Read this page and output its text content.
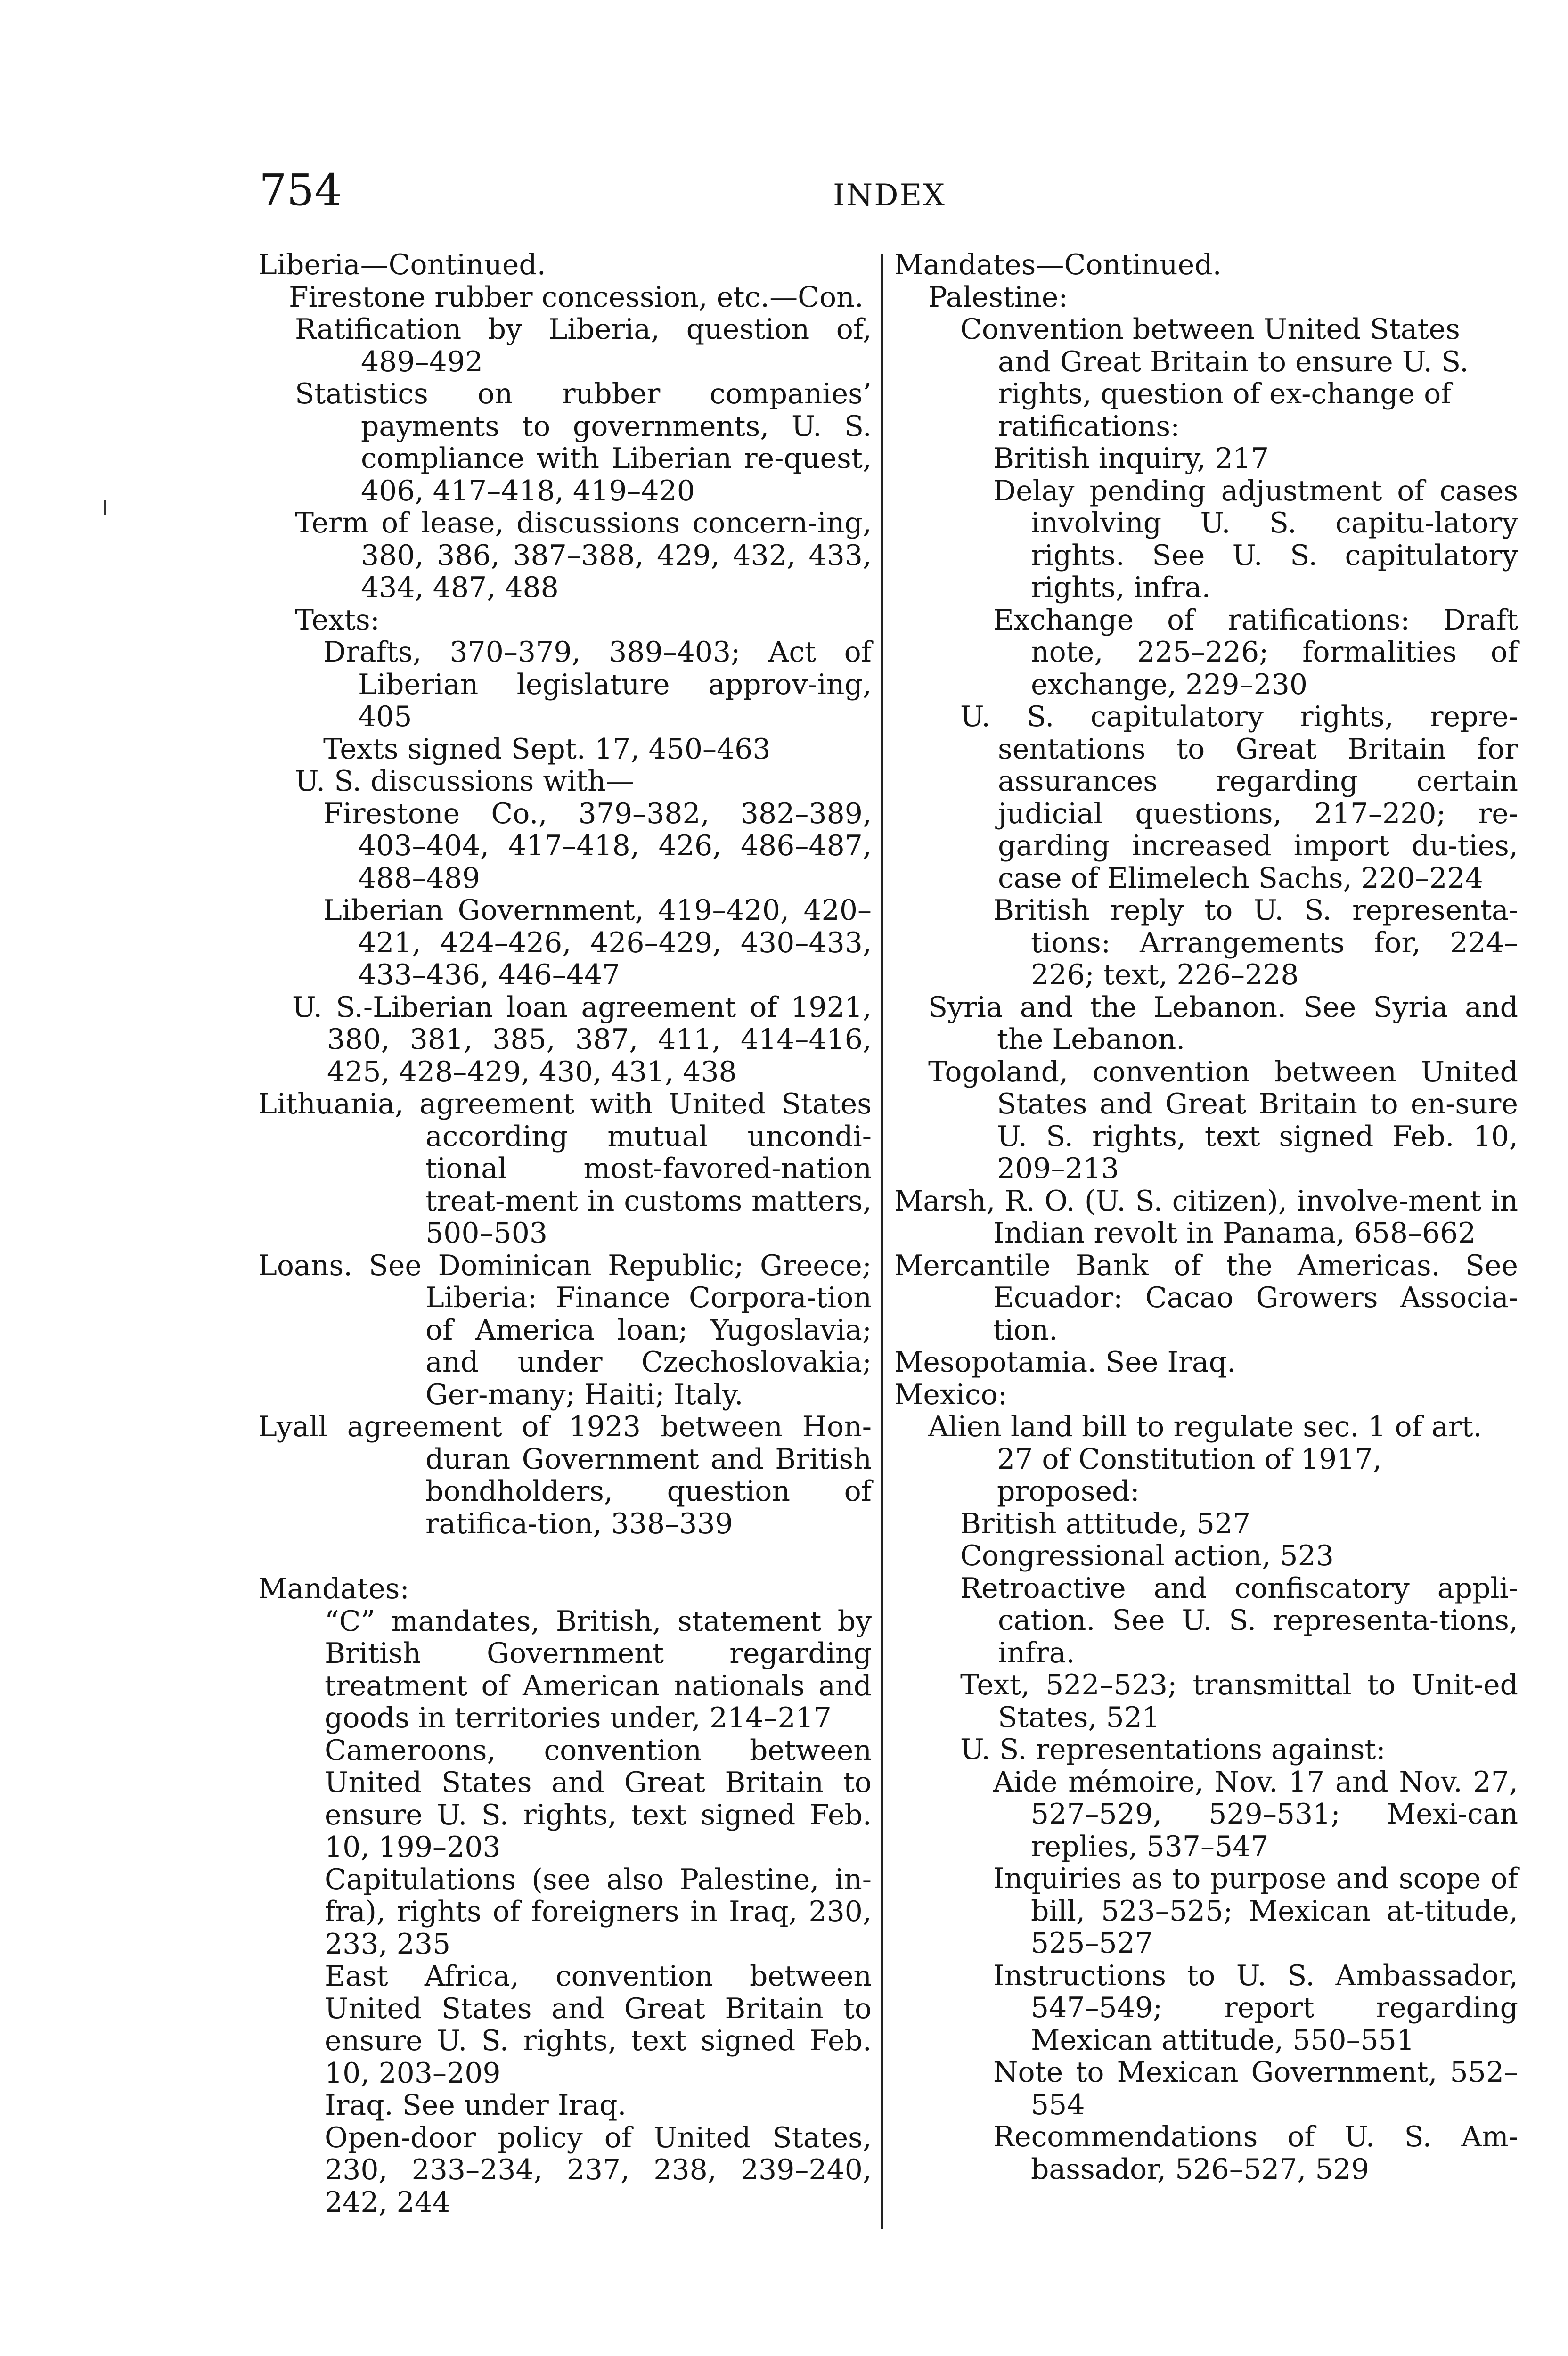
754	INDEX
Liberia—Continued.
Firestone rubber concession, etc.—Con.
Ratification by Liberia, question of, 489–492
Statistics on rubber companies’ payments to governments, U. S. compliance with Liberian re-quest, 406, 417–418, 419–420
Term of lease, discussions concern-ing, 380, 386, 387–388, 429, 432, 433, 434, 487, 488
Texts:
Drafts, 370–379, 389–403; Act of Liberian legislature approv-ing, 405
Texts signed Sept. 17, 450–463
U. S. discussions with—
Firestone Co., 379–382, 382–389, 403–404, 417–418, 426, 486–487, 488–489
Liberian Government, 419–420, 420–421, 424–426, 426–429, 430–433, 433–436, 446–447
U. S.-Liberian loan agreement of 1921, 380, 381, 385, 387, 411, 414–416, 425, 428–429, 430, 431, 438
Lithuania, agreement with United States according mutual uncondi-tional most-favored-nation treat-ment in customs matters, 500–503
Loans. See Dominican Republic; Greece; Liberia: Finance Corpora-tion of America loan; Yugoslavia; and under Czechoslovakia; Ger-many; Haiti; Italy.
Lyall agreement of 1923 between Hon-duran Government and British bondholders, question of ratifica-tion, 338–339
Mandates:
“C” mandates, British, statement by British Government regarding treatment of American nationals and goods in territories under, 214–217
Cameroons, convention between United States and Great Britain to ensure U. S. rights, text signed Feb. 10, 199–203
Capitulations (see also Palestine, in-fra), rights of foreigners in Iraq, 230, 233, 235
East Africa, convention between United States and Great Britain to ensure U. S. rights, text signed Feb. 10, 203–209
Iraq. See under Iraq.
Open-door policy of United States, 230, 233–234, 237, 238, 239–240, 242, 244
Mandates—Continued.
Palestine:
Convention between United States and Great Britain to ensure U. S. rights, question of ex-change of ratifications:
British inquiry, 217
Delay pending adjustment of cases involving U. S. capitu-latory rights. See U. S. capitulatory rights, infra.
Exchange of ratifications: Draft note, 225–226; formalities of exchange, 229–230
U. S. capitulatory rights, repre-sentations to Great Britain for assurances regarding certain judicial questions, 217–220; re-garding increased import du-ties, case of Elimelech Sachs, 220–224
British reply to U. S. representa-tions: Arrangements for, 224–226; text, 226–228
Syria and the Lebanon. See Syria and the Lebanon.
Togoland, convention between United States and Great Britain to en-sure U. S. rights, text signed Feb. 10, 209–213
Marsh, R. O. (U. S. citizen), involve-ment in Indian revolt in Panama, 658–662
Mercantile Bank of the Americas. See Ecuador: Cacao Growers Associa-tion.
Mesopotamia. See Iraq.
Mexico:
Alien land bill to regulate sec. 1 of art. 27 of Constitution of 1917, proposed:
British attitude, 527
Congressional action, 523
Retroactive and confiscatory appli-cation. See U. S. representa-tions, infra.
Text, 522–523; transmittal to Unit-ed States, 521
U. S. representations against:
Aide mémoire, Nov. 17 and Nov. 27, 527–529, 529–531; Mexi-can replies, 537–547
Inquiries as to purpose and scope of bill, 523–525; Mexican at-titude, 525–527
Instructions to U. S. Ambassador, 547–549; report regarding Mexican attitude, 550–551
Note to Mexican Government, 552–554
Recommendations of U. S. Am-bassador, 526–527, 529
